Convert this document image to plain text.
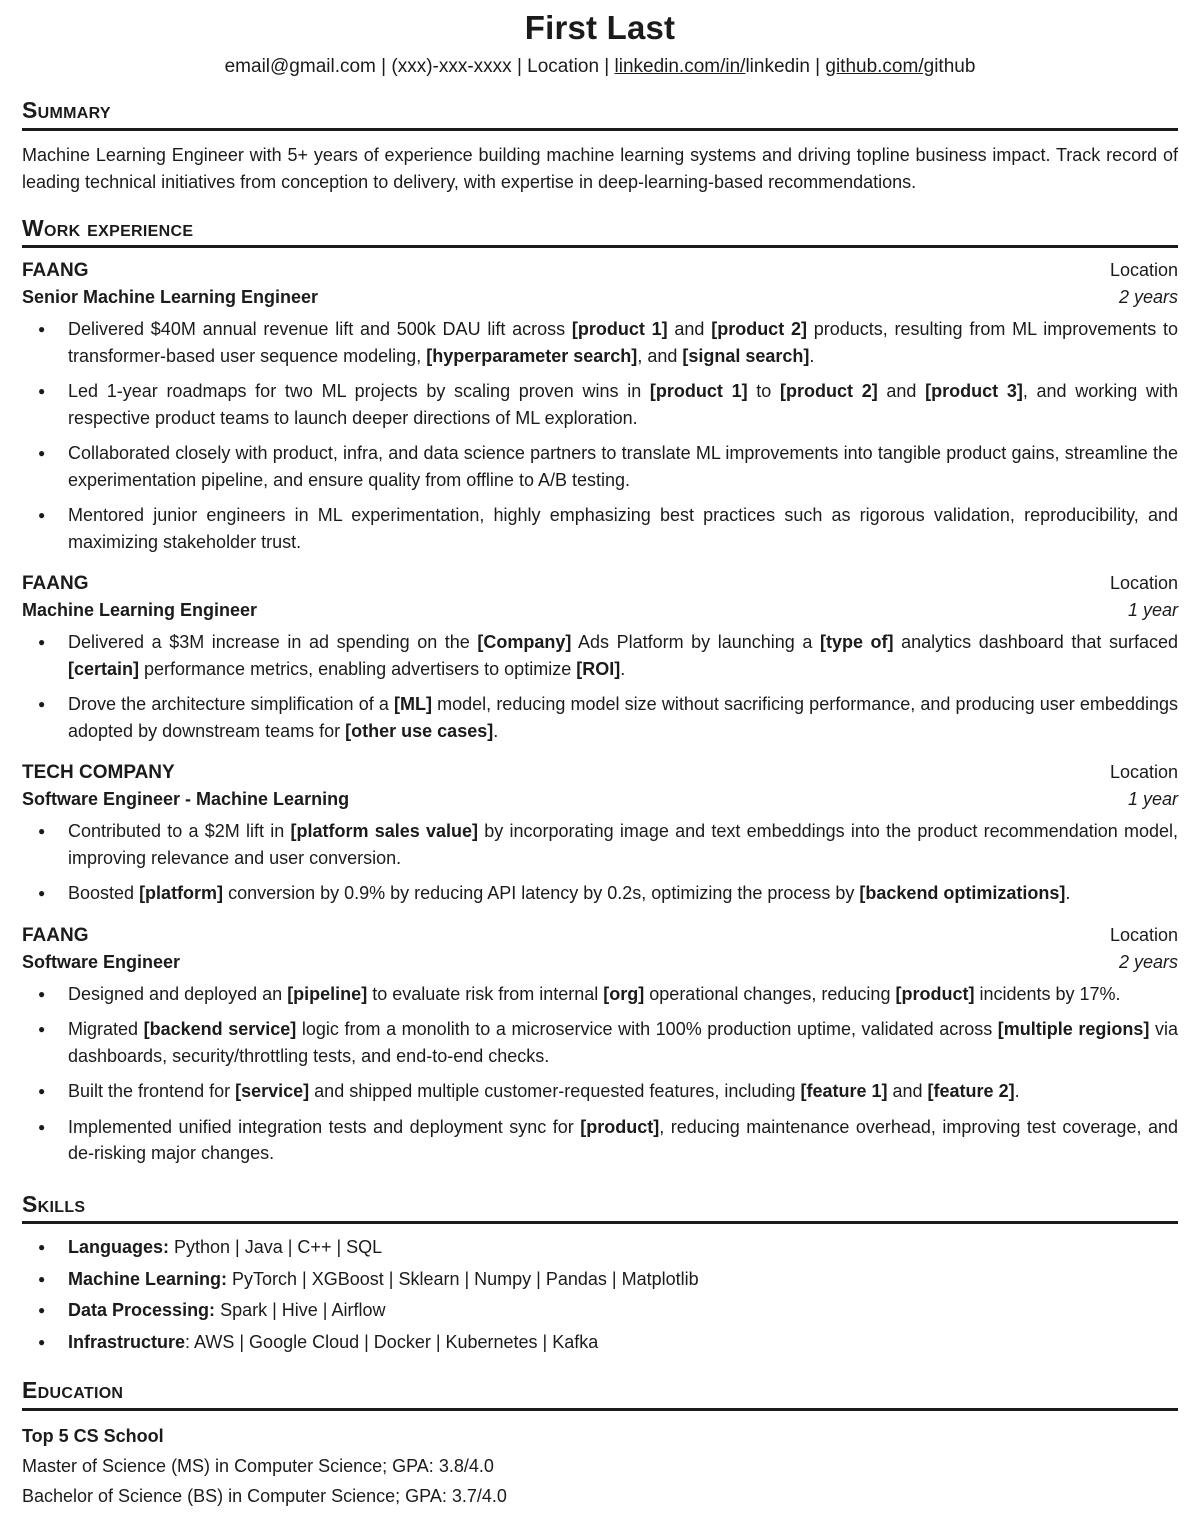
First Last
email@gmail.com | (xxx)-xxx-xxxx | Location | linkedin.com/in/linkedin | github.com/github
Summary

Machine Learning Engineer with 5+ years of experience building machine learning systems and driving topline business impact. Track record of leading technical initiatives from conception to delivery, with expertise in deep-learning-based recommendations.

Work experience
FAANG	Location
Senior Machine Learning Engineer	2 years
●	Delivered $40M annual revenue lift and 500k DAU lift across [product 1] and [product 2] products, resulting from ML improvements to transformer-based user sequence modeling, [hyperparameter search], and [signal search].
●	Led 1-year roadmaps for two ML projects by scaling proven wins in [product 1] to [product 2] and [product 3], and working with respective product teams to launch deeper directions of ML exploration.
●	Collaborated closely with product, infra, and data science partners to translate ML improvements into tangible product gains, streamline the experimentation pipeline, and ensure quality from offline to A/B testing.
●	Mentored junior engineers in ML experimentation, highly emphasizing best practices such as rigorous validation, reproducibility, and maximizing stakeholder trust.
FAANG	Location
Machine Learning Engineer	1 year
●	Delivered a $3M increase in ad spending on the [Company] Ads Platform by launching a [type of] analytics dashboard that surfaced [certain] performance metrics, enabling advertisers to optimize [ROI].
●	Drove the architecture simplification of a [ML] model, reducing model size without sacrificing performance, and producing user embeddings adopted by downstream teams for [other use cases].
TECH COMPANY	Location
Software Engineer - Machine Learning	1 year
●	Contributed to a $2M lift in [platform sales value] by incorporating image and text embeddings into the product recommendation model, improving relevance and user conversion.
●	Boosted [platform] conversion by 0.9% by reducing API latency by 0.2s, optimizing the process by [backend optimizations].
FAANG	Location
Software Engineer	2 years
●	Designed and deployed an [pipeline] to evaluate risk from internal [org] operational changes, reducing [product] incidents by 17%.
●	Migrated [backend service] logic from a monolith to a microservice with 100% production uptime, validated across [multiple regions] via dashboards, security/throttling tests, and end-to-end checks.
●	Built the frontend for [service] and shipped multiple customer-requested features, including [feature 1] and [feature 2].
●	Implemented unified integration tests and deployment sync for [product], reducing maintenance overhead, improving test coverage, and de-risking major changes.
Skills
●	Languages: Python | Java | C++ | SQL
●	Machine Learning: PyTorch | XGBoost | Sklearn | Numpy | Pandas | Matplotlib
●	Data Processing: Spark | Hive | Airflow
●	Infrastructure: AWS | Google Cloud | Docker | Kubernetes | Kafka
Education
Top 5 CS School
Master of Science (MS) in Computer Science; GPA: 3.8/4.0
Bachelor of Science (BS) in Computer Science; GPA: 3.7/4.0
